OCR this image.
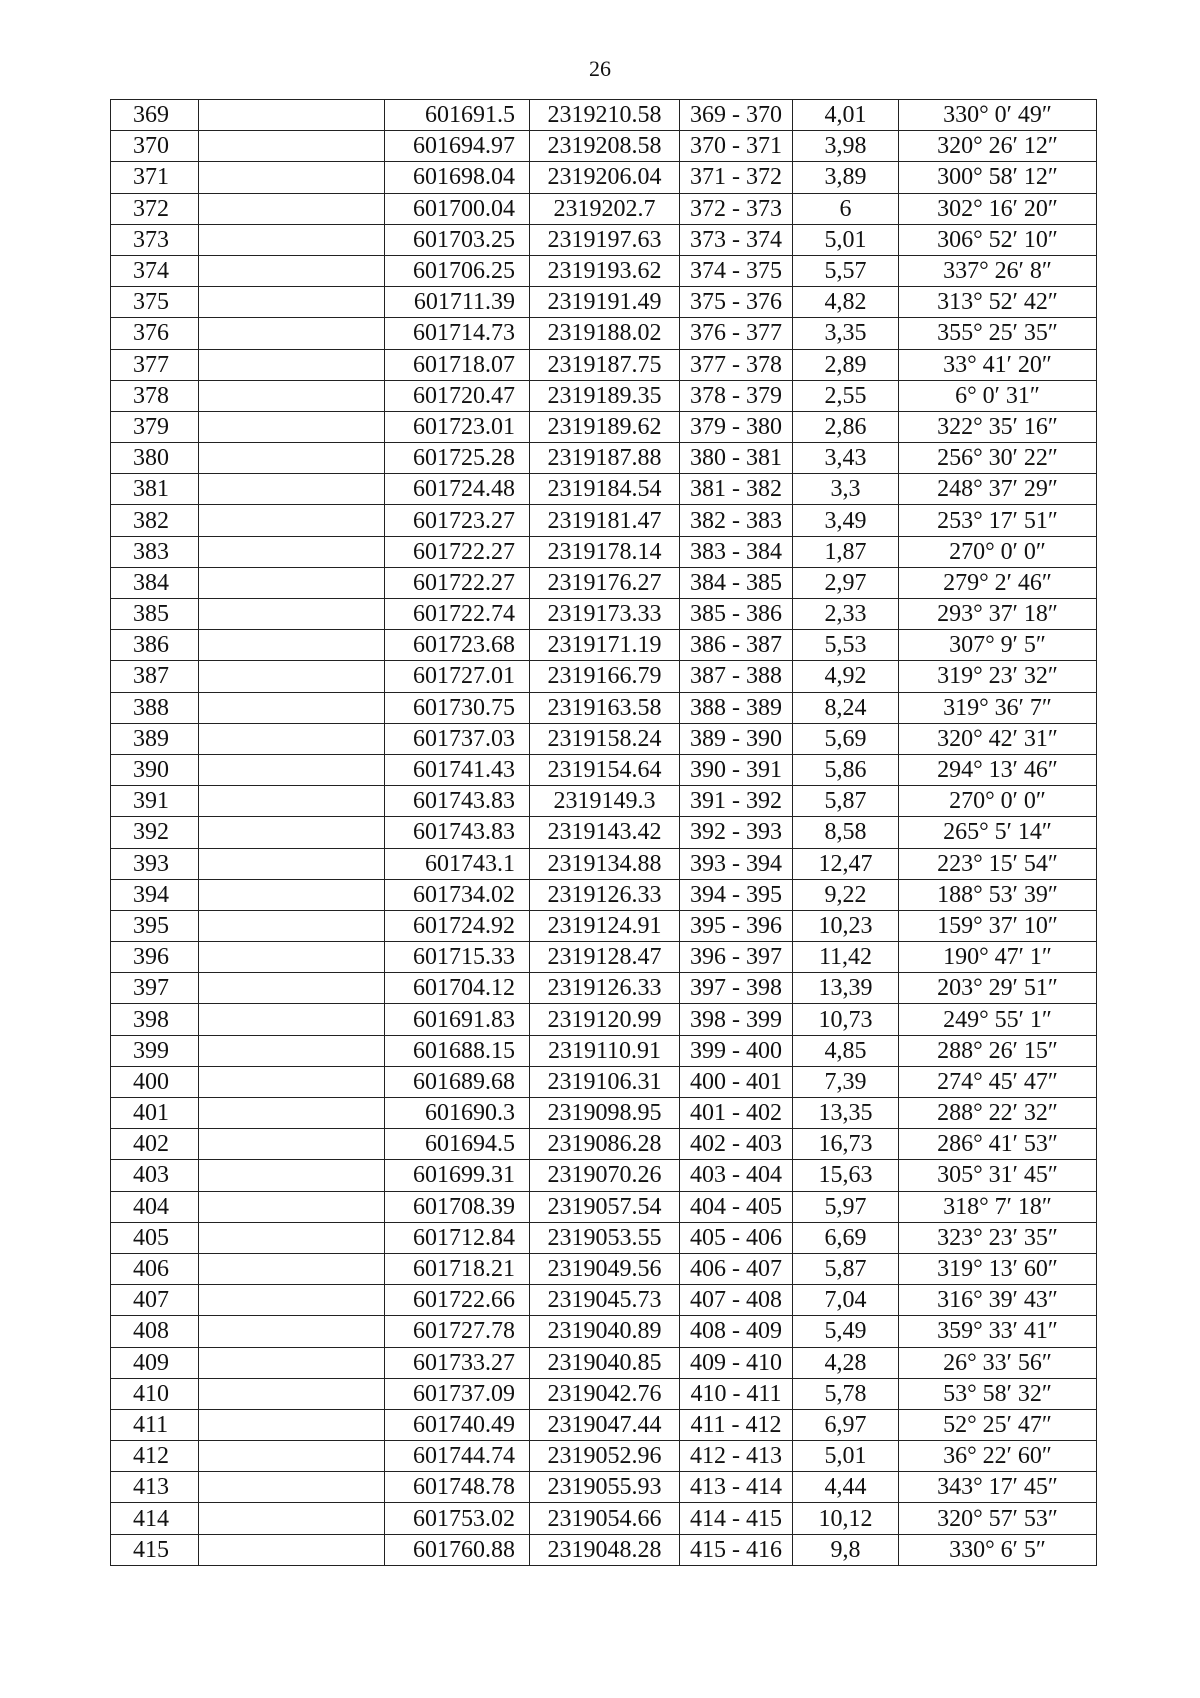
26
369		601691.5	2319210.58	369 - 370	4,01	330° 0′ 49″
370		601694.97	2319208.58	370 - 371	3,98	320° 26′ 12″
371		601698.04	2319206.04	371 - 372	3,89	300° 58′ 12″
372		601700.04	2319202.7	372 - 373	6	302° 16′ 20″
373		601703.25	2319197.63	373 - 374	5,01	306° 52′ 10″
374		601706.25	2319193.62	374 - 375	5,57	337° 26′ 8″
375		601711.39	2319191.49	375 - 376	4,82	313° 52′ 42″
376		601714.73	2319188.02	376 - 377	3,35	355° 25′ 35″
377		601718.07	2319187.75	377 - 378	2,89	33° 41′ 20″
378		601720.47	2319189.35	378 - 379	2,55	6° 0′ 31″
379		601723.01	2319189.62	379 - 380	2,86	322° 35′ 16″
380		601725.28	2319187.88	380 - 381	3,43	256° 30′ 22″
381		601724.48	2319184.54	381 - 382	3,3	248° 37′ 29″
382		601723.27	2319181.47	382 - 383	3,49	253° 17′ 51″
383		601722.27	2319178.14	383 - 384	1,87	270° 0′ 0″
384		601722.27	2319176.27	384 - 385	2,97	279° 2′ 46″
385		601722.74	2319173.33	385 - 386	2,33	293° 37′ 18″
386		601723.68	2319171.19	386 - 387	5,53	307° 9′ 5″
387		601727.01	2319166.79	387 - 388	4,92	319° 23′ 32″
388		601730.75	2319163.58	388 - 389	8,24	319° 36′ 7″
389		601737.03	2319158.24	389 - 390	5,69	320° 42′ 31″
390		601741.43	2319154.64	390 - 391	5,86	294° 13′ 46″
391		601743.83	2319149.3	391 - 392	5,87	270° 0′ 0″
392		601743.83	2319143.42	392 - 393	8,58	265° 5′ 14″
393		601743.1	2319134.88	393 - 394	12,47	223° 15′ 54″
394		601734.02	2319126.33	394 - 395	9,22	188° 53′ 39″
395		601724.92	2319124.91	395 - 396	10,23	159° 37′ 10″
396		601715.33	2319128.47	396 - 397	11,42	190° 47′ 1″
397		601704.12	2319126.33	397 - 398	13,39	203° 29′ 51″
398		601691.83	2319120.99	398 - 399	10,73	249° 55′ 1″
399		601688.15	2319110.91	399 - 400	4,85	288° 26′ 15″
400		601689.68	2319106.31	400 - 401	7,39	274° 45′ 47″
401		601690.3	2319098.95	401 - 402	13,35	288° 22′ 32″
402		601694.5	2319086.28	402 - 403	16,73	286° 41′ 53″
403		601699.31	2319070.26	403 - 404	15,63	305° 31′ 45″
404		601708.39	2319057.54	404 - 405	5,97	318° 7′ 18″
405		601712.84	2319053.55	405 - 406	6,69	323° 23′ 35″
406		601718.21	2319049.56	406 - 407	5,87	319° 13′ 60″
407		601722.66	2319045.73	407 - 408	7,04	316° 39′ 43″
408		601727.78	2319040.89	408 - 409	5,49	359° 33′ 41″
409		601733.27	2319040.85	409 - 410	4,28	26° 33′ 56″
410		601737.09	2319042.76	410 - 411	5,78	53° 58′ 32″
411		601740.49	2319047.44	411 - 412	6,97	52° 25′ 47″
412		601744.74	2319052.96	412 - 413	5,01	36° 22′ 60″
413		601748.78	2319055.93	413 - 414	4,44	343° 17′ 45″
414		601753.02	2319054.66	414 - 415	10,12	320° 57′ 53″
415		601760.88	2319048.28	415 - 416	9,8	330° 6′ 5″
